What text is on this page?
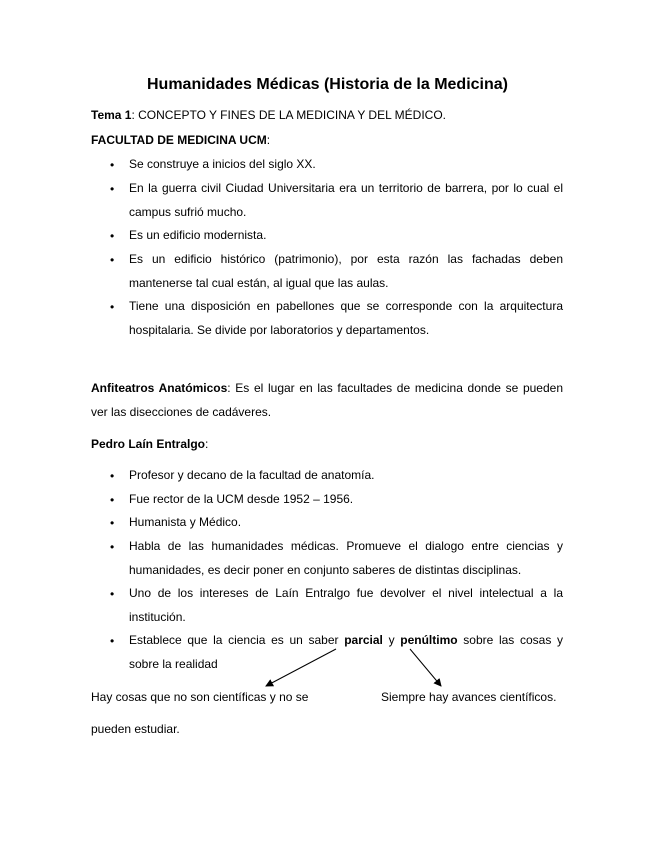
Humanidades Médicas (Historia de la Medicina)
Tema 1: CONCEPTO Y FINES DE LA MEDICINA Y DEL MÉDICO.
FACULTAD DE MEDICINA UCM:
• Se construye a inicios del siglo XX.
• En la guerra civil Ciudad Universitaria era un territorio de barrera, por lo cual el campus sufrió mucho.
• Es un edificio modernista.
• Es un edificio histórico (patrimonio), por esta razón las fachadas deben mantenerse tal cual están, al igual que las aulas.
• Tiene una disposición en pabellones que se corresponde con la arquitectura hospitalaria. Se divide por laboratorios y departamentos.
Anfiteatros Anatómicos: Es el lugar en las facultades de medicina donde se pueden ver las disecciones de cadáveres.
Pedro Laín Entralgo:
• Profesor y decano de la facultad de anatomía.
• Fue rector de la UCM desde 1952 – 1956.
• Humanista y Médico.
• Habla de las humanidades médicas. Promueve el dialogo entre ciencias y humanidades, es decir poner en conjunto saberes de distintas disciplinas.
• Uno de los intereses de Laín Entralgo fue devolver el nivel intelectual a la institución.
• Establece que la ciencia es un saber parcial y penúltimo sobre las cosas y sobre la realidad
Hay cosas que no son científicas y no se	Siempre hay avances científicos.
pueden estudiar.
